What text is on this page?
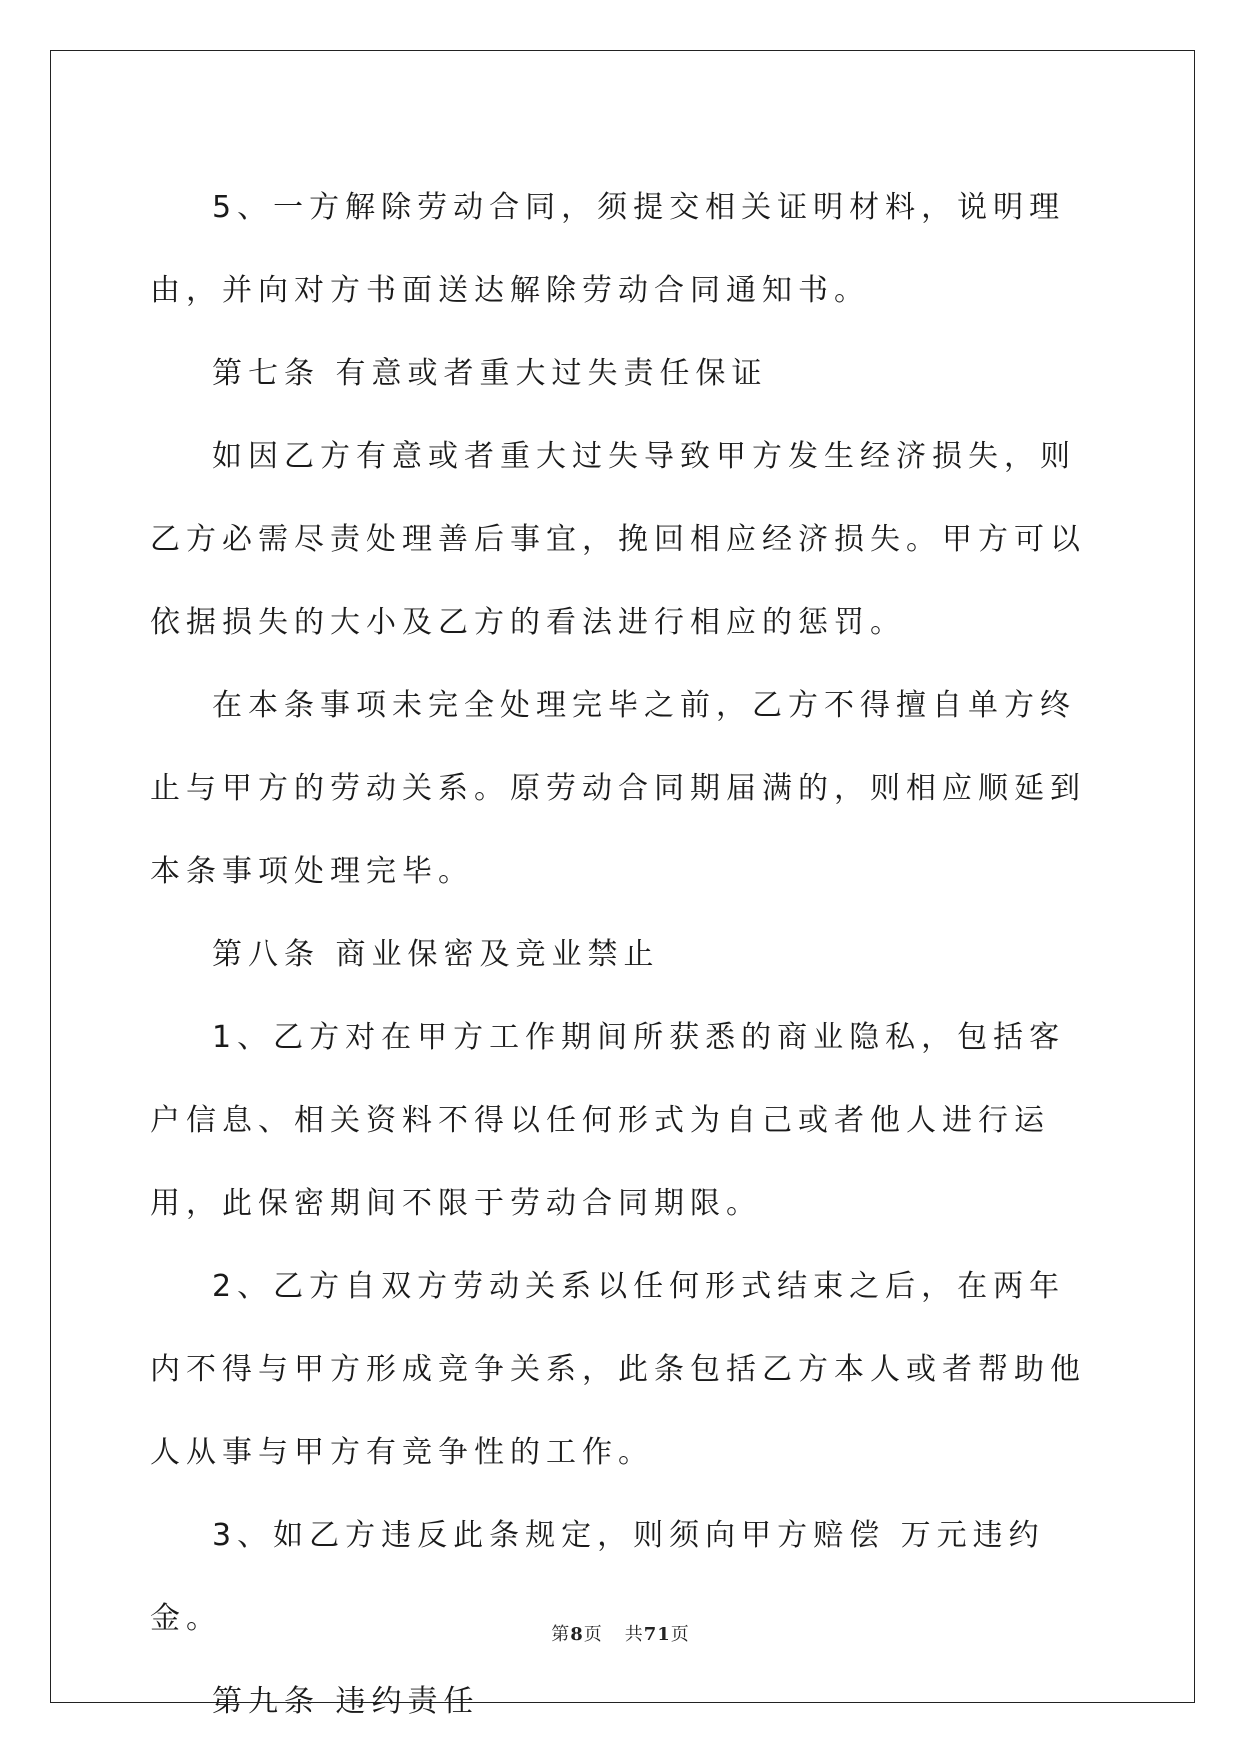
5、一方解除劳动合同，须提交相关证明材料，说明理由，并向对方书面送达解除劳动合同通知书。

第七条 有意或者重大过失责任保证

如因乙方有意或者重大过失导致甲方发生经济损失，则乙方必需尽责处理善后事宜，挽回相应经济损失。甲方可以依据损失的大小及乙方的看法进行相应的惩罚。

在本条事项未完全处理完毕之前，乙方不得擅自单方终止与甲方的劳动关系。原劳动合同期届满的，则相应顺延到本条事项处理完毕。

第八条 商业保密及竞业禁止

1、乙方对在甲方工作期间所获悉的商业隐私，包括客户信息、相关资料不得以任何形式为自己或者他人进行运用，此保密期间不限于劳动合同期限。

2、乙方自双方劳动关系以任何形式结束之后，在两年内不得与甲方形成竞争关系，此条包括乙方本人或者帮助他人从事与甲方有竞争性的工作。

3、如乙方违反此条规定，则须向甲方赔偿 万元违约金。

第九条 违约责任

第8页 共71页
